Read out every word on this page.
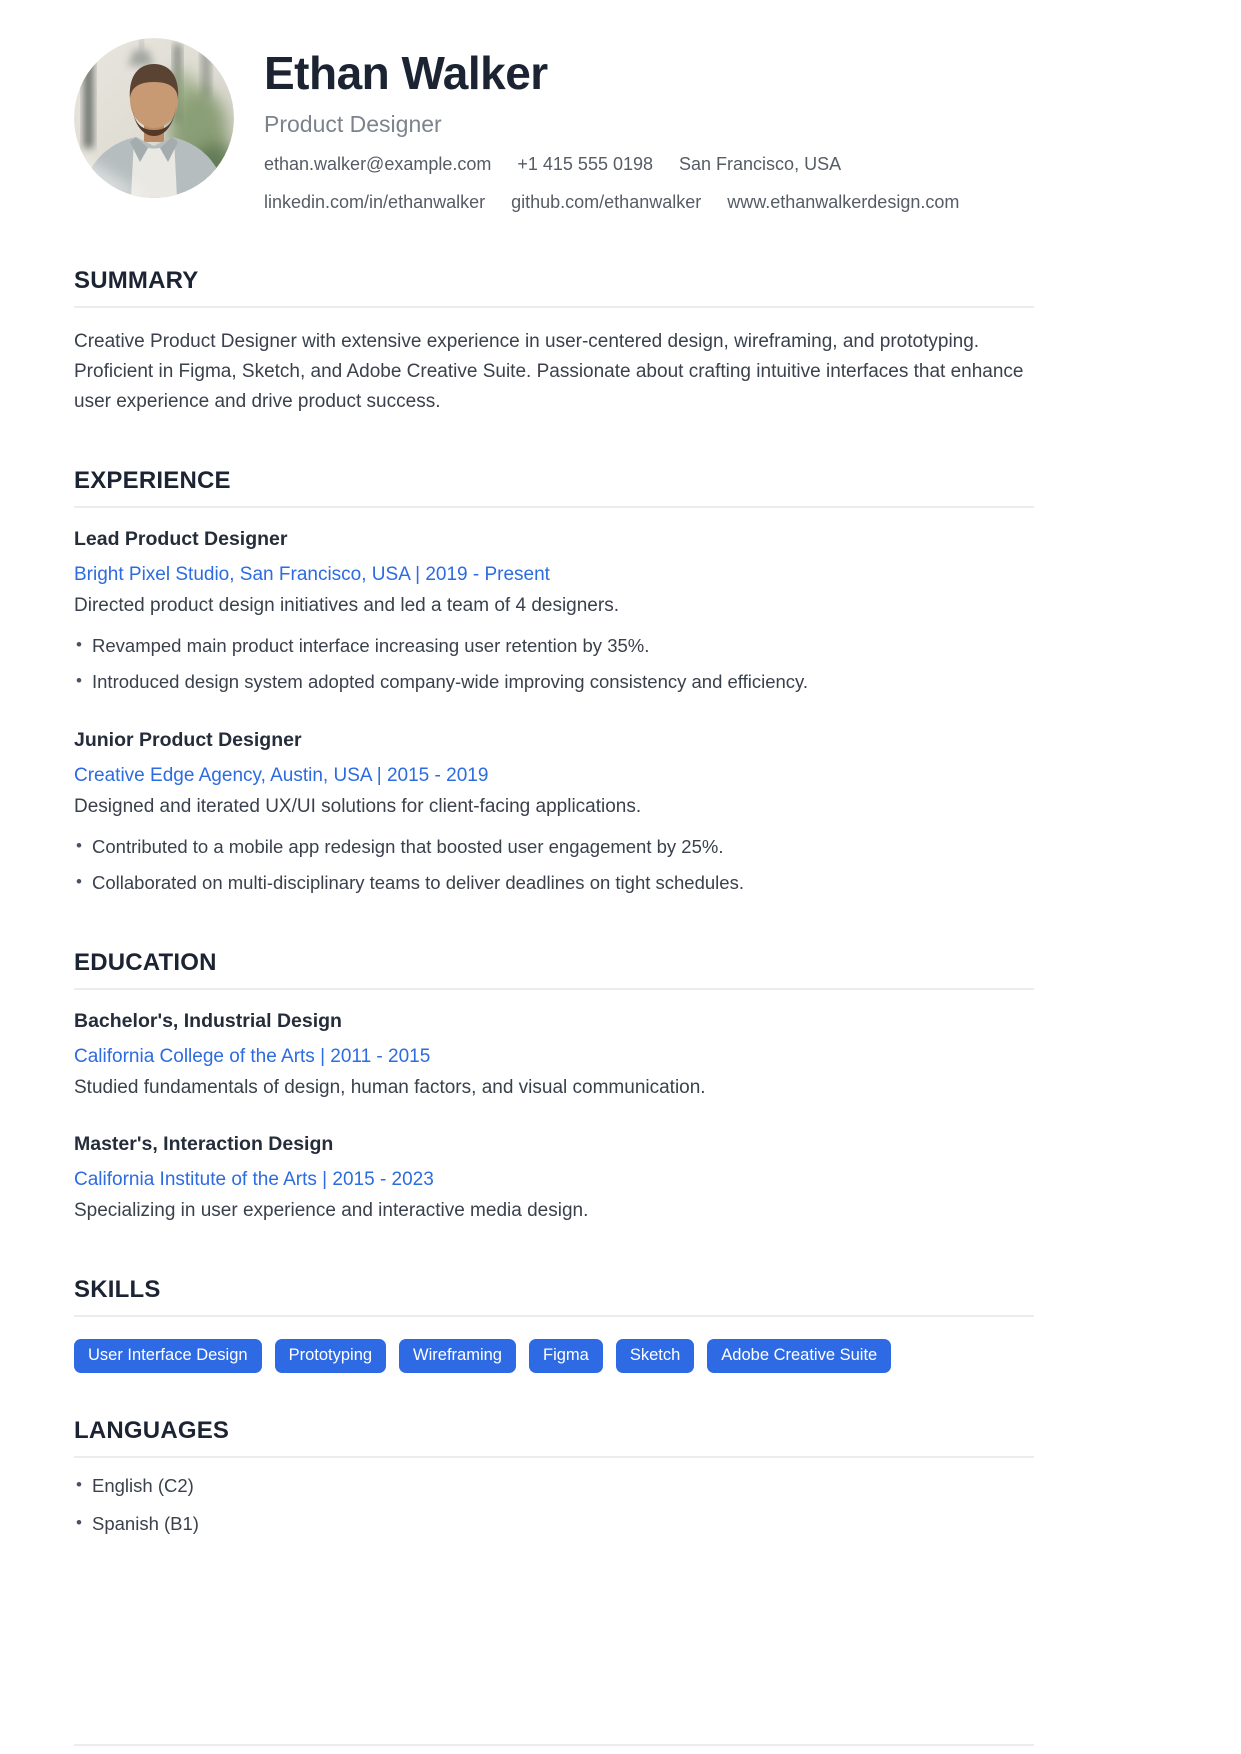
Ethan Walker
Product Designer
ethan.walker@example.com +1 415 555 0198 San Francisco, USA
linkedin.com/in/ethanwalker github.com/ethanwalker www.ethanwalkerdesign.com
SUMMARY

Creative Product Designer with extensive experience in user-centered design, wireframing, and prototyping. Proficient in Figma, Sketch, and Adobe Creative Suite. Passionate about crafting intuitive interfaces that enhance user experience and drive product success.

EXPERIENCE
Lead Product Designer
Bright Pixel Studio, San Francisco, USA | 2019 - Present
Directed product design initiatives and led a team of 4 designers.
• Revamped main product interface increasing user retention by 35%.
• Introduced design system adopted company-wide improving consistency and efficiency.
Junior Product Designer
Creative Edge Agency, Austin, USA | 2015 - 2019
Designed and iterated UX/UI solutions for client-facing applications.
• Contributed to a mobile app redesign that boosted user engagement by 25%.
• Collaborated on multi-disciplinary teams to deliver deadlines on tight schedules.
EDUCATION
Bachelor's, Industrial Design
California College of the Arts | 2011 - 2015
Studied fundamentals of design, human factors, and visual communication.
Master's, Interaction Design
California Institute of the Arts | 2015 - 2023
Specializing in user experience and interactive media design.
SKILLS
User Interface Design	Prototyping	Wireframing	Figma	Sketch	Adobe Creative Suite
LANGUAGES
• English (C2)
• Spanish (B1)
